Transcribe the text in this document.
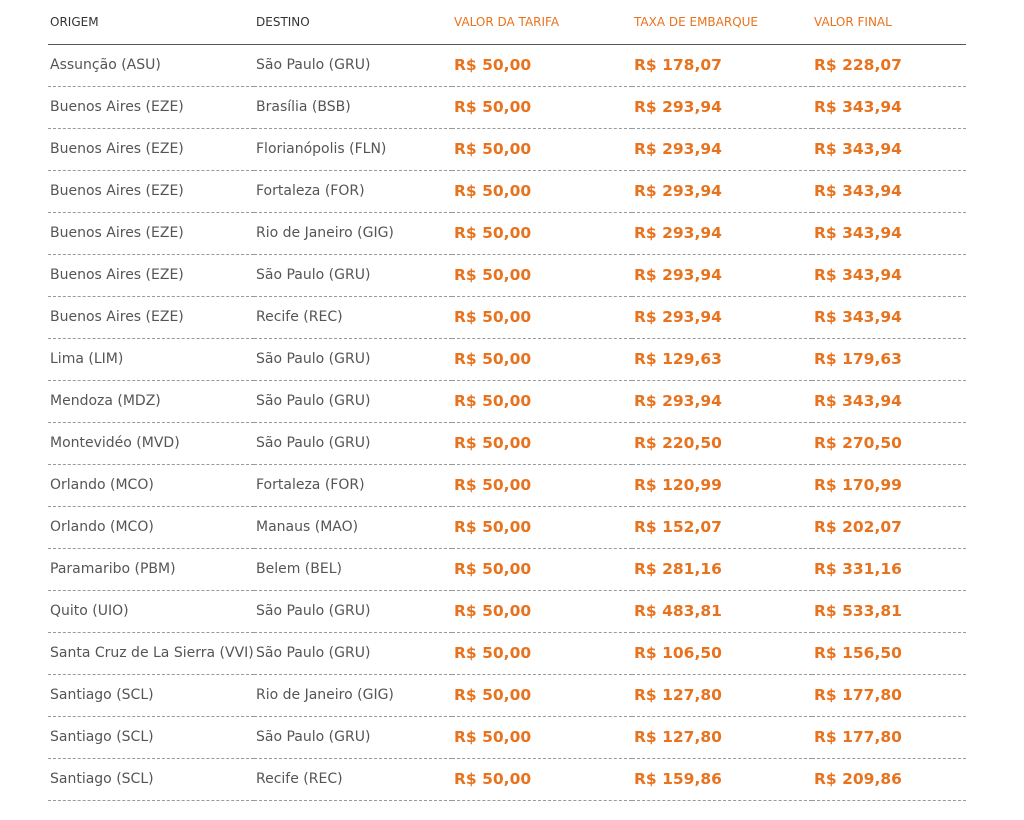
ORIGEM	DESTINO	VALOR DA TARIFA	TAXA DE EMBARQUE	VALOR FINAL
Assunção (ASU)	São Paulo (GRU)	R$ 50,00	R$ 178,07	R$ 228,07
Buenos Aires (EZE)	Brasília (BSB)	R$ 50,00	R$ 293,94	R$ 343,94
Buenos Aires (EZE)	Florianópolis (FLN)	R$ 50,00	R$ 293,94	R$ 343,94
Buenos Aires (EZE)	Fortaleza (FOR)	R$ 50,00	R$ 293,94	R$ 343,94
Buenos Aires (EZE)	Rio de Janeiro (GIG)	R$ 50,00	R$ 293,94	R$ 343,94
Buenos Aires (EZE)	São Paulo (GRU)	R$ 50,00	R$ 293,94	R$ 343,94
Buenos Aires (EZE)	Recife (REC)	R$ 50,00	R$ 293,94	R$ 343,94
Lima (LIM)	São Paulo (GRU)	R$ 50,00	R$ 129,63	R$ 179,63
Mendoza (MDZ)	São Paulo (GRU)	R$ 50,00	R$ 293,94	R$ 343,94
Montevidéo (MVD)	São Paulo (GRU)	R$ 50,00	R$ 220,50	R$ 270,50
Orlando (MCO)	Fortaleza (FOR)	R$ 50,00	R$ 120,99	R$ 170,99
Orlando (MCO)	Manaus (MAO)	R$ 50,00	R$ 152,07	R$ 202,07
Paramaribo (PBM)	Belem (BEL)	R$ 50,00	R$ 281,16	R$ 331,16
Quito (UIO)	São Paulo (GRU)	R$ 50,00	R$ 483,81	R$ 533,81
Santa Cruz de La Sierra (VVI)	São Paulo (GRU)	R$ 50,00	R$ 106,50	R$ 156,50
Santiago (SCL)	Rio de Janeiro (GIG)	R$ 50,00	R$ 127,80	R$ 177,80
Santiago (SCL)	São Paulo (GRU)	R$ 50,00	R$ 127,80	R$ 177,80
Santiago (SCL)	Recife (REC)	R$ 50,00	R$ 159,86	R$ 209,86
